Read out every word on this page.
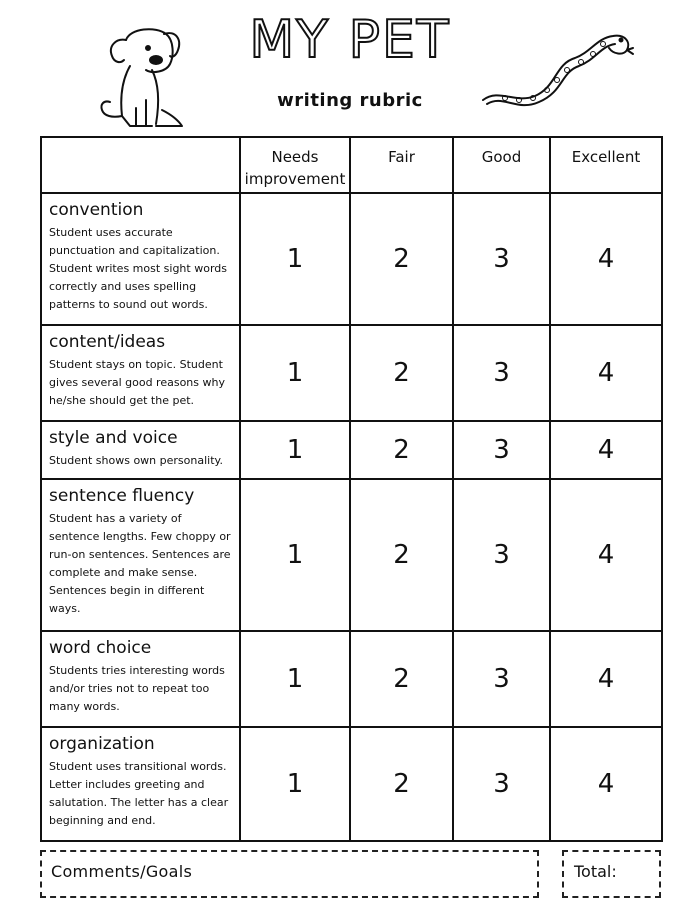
MY PET
writing rubric
	Needs improvement	Fair	Good	Excellent

convention
Student uses accurate punctuation and capitalization. Student writes most sight words correctly and uses spelling patterns to sound out words.	1	2	3	4

content/ideas
Student stays on topic. Student gives several good reasons why he/she should get the pet.	1	2	3	4

style and voice
Student shows own personality.	1	2	3	4

sentence fluency
Student has a variety of sentence lengths. Few choppy or run-on sentences. Sentences are complete and make sense. Sentences begin in different ways.	1	2	3	4

word choice
Students tries interesting words and/or tries not to repeat too many words.	1	2	3	4

organization
Student uses transitional words. Letter includes greeting and salutation. The letter has a clear beginning and end.	1	2	3	4
Comments/Goals	Total:
